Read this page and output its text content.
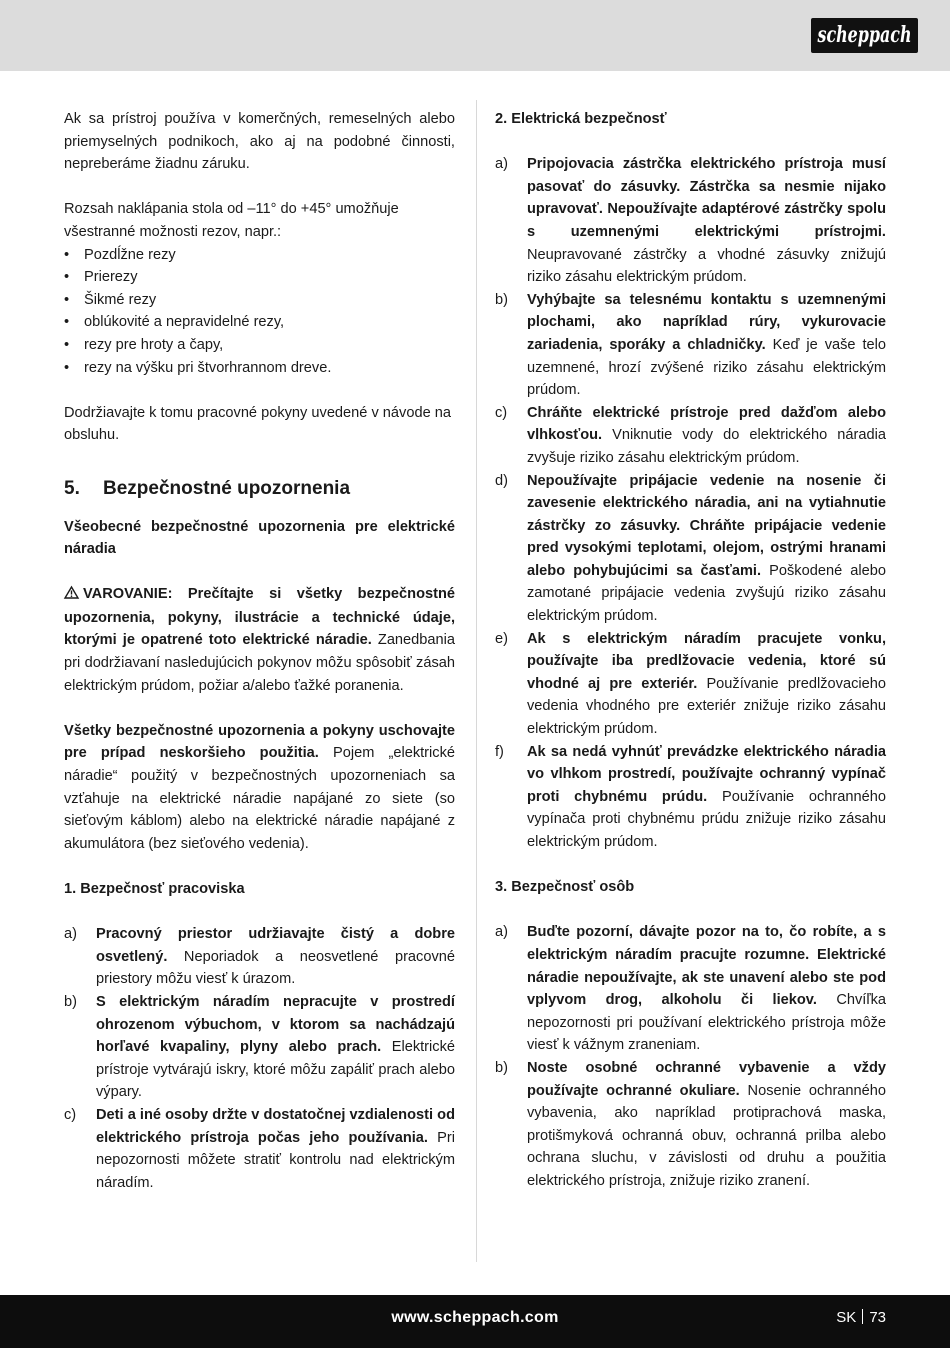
scheppach

Ak sa prístroj používa v komerčných, remeselných alebo priemyselných podnikoch, ako aj na podobné činnosti, nepreberáme žiadnu záruku.

Rozsah naklápania stola od –11° do +45° umožňuje všestranné možnosti rezov, napr.:

• Pozdĺžne rezy
• Prierezy
• Šikmé rezy
• oblúkovité a nepravidelné rezy,
• rezy pre hroty a čapy,
• rezy na výšku pri štvorhrannom dreve.

Dodržiavajte k tomu pracovné pokyny uvedené v návode na obsluhu.

5.	Bezpečnostné upozornenia

Všeobecné bezpečnostné upozornenia pre elektrické náradia

VAROVANIE: Prečítajte si všetky bezpečnostné upozornenia, pokyny, ilustrácie a technické údaje, ktorými je opatrené toto elektrické náradie. Zanedbania pri dodržiavaní nasledujúcich pokynov môžu spôsobiť zásah elektrickým prúdom, požiar a/alebo ťažké poranenia.

Všetky bezpečnostné upozornenia a pokyny uschovajte pre prípad neskoršieho použitia. Pojem „elektrické náradie“ použitý v bezpečnostných upozorneniach sa vzťahuje na elektrické náradie napájané zo siete (so sieťovým káblom) alebo na elektrické náradie napájané z akumulátora (bez sieťového vedenia).

1. Bezpečnosť pracoviska

a) Pracovný priestor udržiavajte čistý a dobre osvetlený. Neporiadok a neosvetlené pracovné priestory môžu viesť k úrazom.
b) S elektrickým náradím nepracujte v prostredí ohrozenom výbuchom, v ktorom sa nachádzajú horľavé kvapaliny, plyny alebo prach. Elektrické prístroje vytvárajú iskry, ktoré môžu zapáliť prach alebo výpary.
c) Deti a iné osoby držte v dostatočnej vzdialenosti od elektrického prístroja počas jeho používania. Pri nepozornosti môžete stratiť kontrolu nad elektrickým náradím.

2. Elektrická bezpečnosť

a) Pripojovacia zástrčka elektrického prístroja musí pasovať do zásuvky. Zástrčka sa nesmie nijako upravovať. Nepoužívajte adaptérové zástrčky spolu s uzemnenými elektrickými prístrojmi. Neupravované zástrčky a vhodné zásuvky znižujú riziko zásahu elektrickým prúdom.
b) Vyhýbajte sa telesnému kontaktu s uzemnenými plochami, ako napríklad rúry, vykurovacie zariadenia, sporáky a chladničky. Keď je vaše telo uzemnené, hrozí zvýšené riziko zásahu elektrickým prúdom.
c) Chráňte elektrické prístroje pred dažďom alebo vlhkosťou. Vniknutie vody do elektrického náradia zvyšuje riziko zásahu elektrickým prúdom.
d) Nepoužívajte pripájacie vedenie na nosenie či zavesenie elektrického náradia, ani na vytiahnutie zástrčky zo zásuvky. Chráňte pripájacie vedenie pred vysokými teplotami, olejom, ostrými hranami alebo pohybujúcimi sa časťami. Poškodené alebo zamotané pripájacie vedenia zvyšujú riziko zásahu elektrickým prúdom.
e) Ak s elektrickým náradím pracujete vonku, používajte iba predlžovacie vedenia, ktoré sú vhodné aj pre exteriér. Používanie predlžovacieho vedenia vhodného pre exteriér znižuje riziko zásahu elektrickým prúdom.
f) Ak sa nedá vyhnúť prevádzke elektrického náradia vo vlhkom prostredí, používajte ochranný vypínač proti chybnému prúdu. Používanie ochranného vypínača proti chybnému prúdu znižuje riziko zásahu elektrickým prúdom.

3. Bezpečnosť osôb

a) Buďte pozorní, dávajte pozor na to, čo robíte, a s elektrickým náradím pracujte rozumne. Elektrické náradie nepoužívajte, ak ste unavení alebo ste pod vplyvom drog, alkoholu či liekov. Chvíľka nepozornosti pri používaní elektrického prístroja môže viesť k vážnym zraneniam.
b) Noste osobné ochranné vybavenie a vždy používajte ochranné okuliare. Nosenie ochranného vybavenia, ako napríklad protiprachová maska, protišmyková ochranná obuv, ochranná prilba alebo ochrana sluchu, v závislosti od druhu a použitia elektrického prístroja, znižuje riziko zranení.
www.scheppach.com	SK 73
